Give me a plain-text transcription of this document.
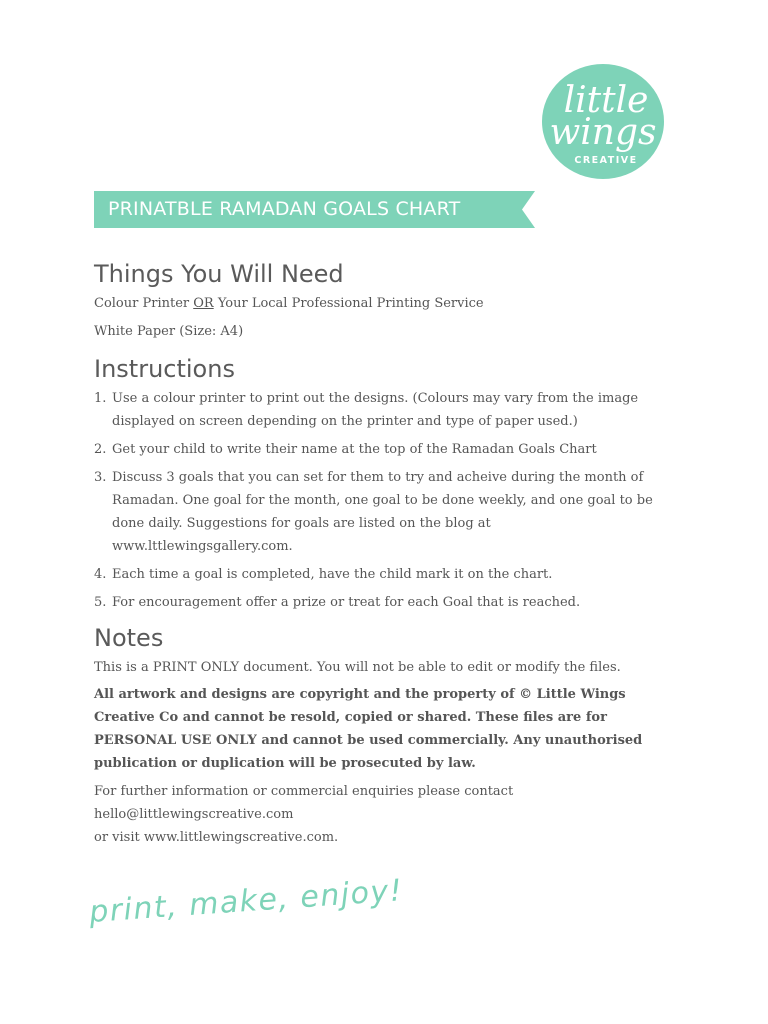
little
wings
CREATIVE
PRINATBLE RAMADAN GOALS CHART
Things You Will Need

Colour Printer OR Your Local Professional Printing Service

White Paper (Size: A4)

Instructions
1. Use a colour printer to print out the designs. (Colours may vary from the image displayed on screen depending on the printer and type of paper used.)
2. Get your child to write their name at the top of the Ramadan Goals Chart
3. Discuss 3 goals that you can set for them to try and acheive during the month of Ramadan. One goal for the month, one goal to be done weekly, and one goal to be done daily. Suggestions for goals are listed on the blog at www.lttlewingsgallery.com.
4. Each time a goal is completed, have the child mark it on the chart.
5. For encouragement offer a prize or treat for each Goal that is reached.
Notes

This is a PRINT ONLY document. You will not be able to edit or modify the files.

All artwork and designs are copyright and the property of © Little Wings Creative Co and cannot be resold, copied or shared. These files are for PERSONAL USE ONLY and cannot be used commercially. Any unauthorised publication or duplication will be prosecuted by law.

For further information or commercial enquiries please contact

hello@littlewingscreative.com

or visit www.littlewingscreative.com.

print, make, enjoy!
